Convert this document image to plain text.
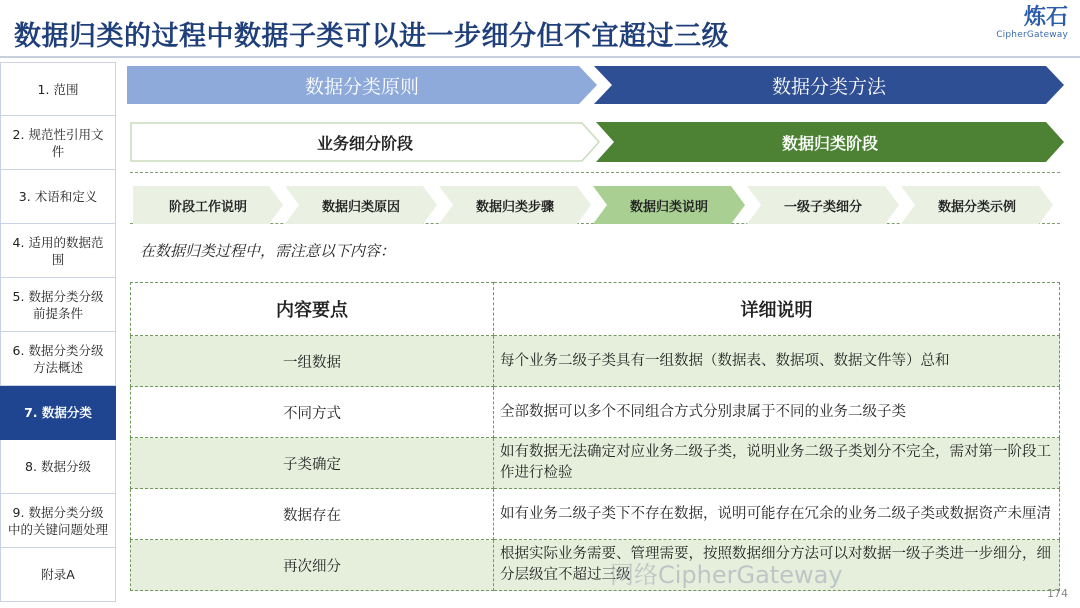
数据归类的过程中数据子类可以进一步细分但不宜超过三级
炼石
CipherGateway
1. 范围
2. 规范性引用文件
3. 术语和定义
4. 适用的数据范围
5. 数据分类分级前提条件
6. 数据分类分级方法概述
7. 数据分类
8. 数据分级
9. 数据分类分级中的关键问题处理
附录A
数据分类原则	数据分类方法
业务细分阶段	数据归类阶段
阶段工作说明	数据归类原因	数据归类步骤	数据归类说明	一级子类细分	数据分类示例
在数据归类过程中，需注意以下内容：
内容要点	详细说明
一组数据	每个业务二级子类具有一组数据（数据表、数据项、数据文件等）总和
不同方式	全部数据可以多个不同组合方式分别隶属于不同的业务二级子类
子类确定	如有数据无法确定对应业务二级子类，说明业务二级子类划分不完全，需对第一阶段工作进行检验
数据存在	如有业务二级子类下不存在数据，说明可能存在冗余的业务二级子类或数据资产未厘清
再次细分	根据实际业务需要、管理需要，按照数据细分方法可以对数据一级子类进一步细分，细分层级宜不超过三级
网络CipherGateway
174
